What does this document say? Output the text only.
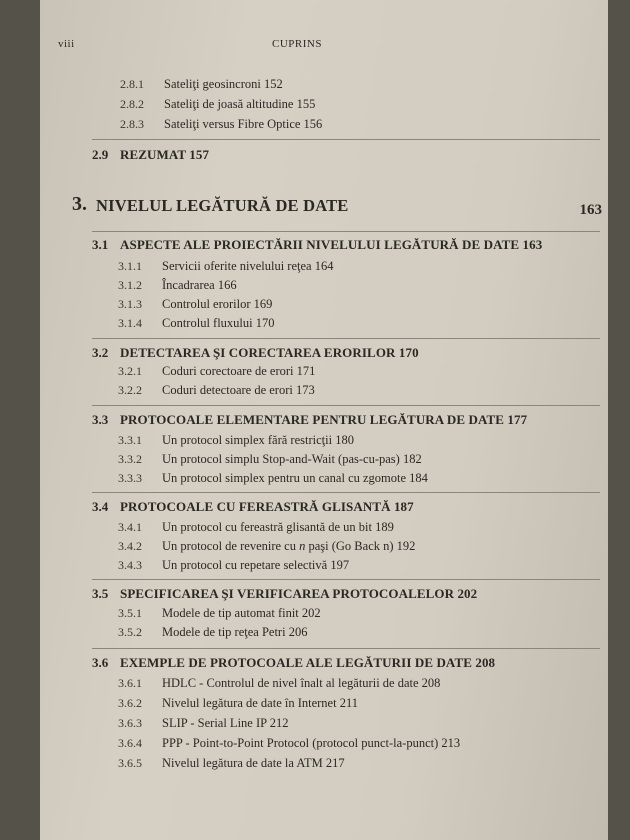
viii	CUPRINS
2.8.1	Sateliţi geosincroni 152
2.8.2	Sateliţi de joasă altitudine 155
2.8.3	Sateliţi versus Fibre Optice 156
2.9 REZUMAT 157
3. NIVELUL LEGĂTURĂ DE DATE	163
3.1 ASPECTE ALE PROIECTĂRII NIVELULUI LEGĂTURĂ DE DATE 163
3.1.1	Servicii oferite nivelului reţea 164
3.1.2	Încadrarea 166
3.1.3	Controlul erorilor 169
3.1.4	Controlul fluxului 170
3.2 DETECTAREA ŞI CORECTAREA ERORILOR 170
3.2.1	Coduri corectoare de erori 171
3.2.2	Coduri detectoare de erori 173
3.3 PROTOCOALE ELEMENTARE PENTRU LEGĂTURA DE DATE 177
3.3.1	Un protocol simplex fără restricţii 180
3.3.2	Un protocol simplu Stop-and-Wait (pas-cu-pas) 182
3.3.3	Un protocol simplex pentru un canal cu zgomote 184
3.4 PROTOCOALE CU FEREASTRĂ GLISANTĂ 187
3.4.1	Un protocol cu fereastră glisantă de un bit 189
3.4.2	Un protocol de revenire cu n paşi (Go Back n) 192
3.4.3	Un protocol cu repetare selectivă 197
3.5 SPECIFICAREA ŞI VERIFICAREA PROTOCOALELOR 202
3.5.1	Modele de tip automat finit 202
3.5.2	Modele de tip reţea Petri 206
3.6 EXEMPLE DE PROTOCOALE ALE LEGĂTURII DE DATE 208
3.6.1	HDLC - Controlul de nivel înalt al legăturii de date 208
3.6.2	Nivelul legătura de date în Internet 211
3.6.3	SLIP - Serial Line IP 212
3.6.4	PPP - Point-to-Point Protocol (protocol punct-la-punct) 213
3.6.5	Nivelul legătura de date la ATM 217
